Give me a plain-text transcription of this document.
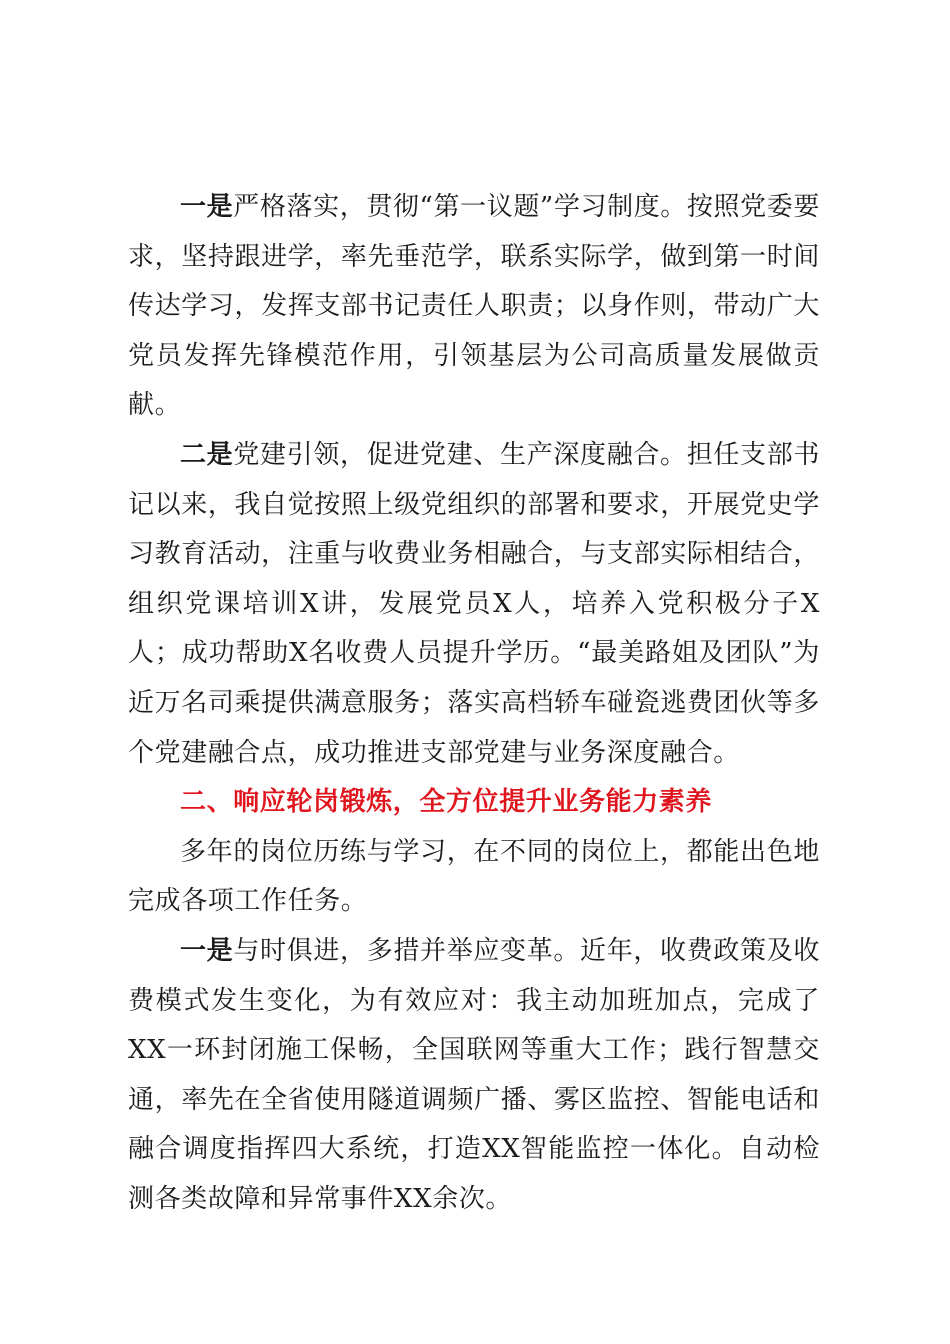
一是严格落实，贯彻“第一议题”学习制度。按照党委要求，坚持跟进学，率先垂范学，联系实际学，做到第一时间传达学习，发挥支部书记责任人职责；以身作则，带动广大党员发挥先锋模范作用，引领基层为公司高质量发展做贡献。

二是党建引领，促进党建、生产深度融合。担任支部书记以来，我自觉按照上级党组织的部署和要求，开展党史学习教育活动，注重与收费业务相融合，与支部实际相结合，组织党课培训X讲，发展党员X人，培养入党积极分子X人；成功帮助X名收费人员提升学历。“最美路姐及团队”为近万名司乘提供满意服务；落实高档轿车碰瓷逃费团伙等多个党建融合点，成功推进支部党建与业务深度融合。

二、响应轮岗锻炼，全方位提升业务能力素养

多年的岗位历练与学习，在不同的岗位上，都能出色地完成各项工作任务。

一是与时俱进，多措并举应变革。近年，收费政策及收费模式发生变化，为有效应对：我主动加班加点，完成了XX一环封闭施工保畅，全国联网等重大工作；践行智慧交通，率先在全省使用隧道调频广播、雾区监控、智能电话和融合调度指挥四大系统，打造XX智能监控一体化。自动检测各类故障和异常事件XX余次。
